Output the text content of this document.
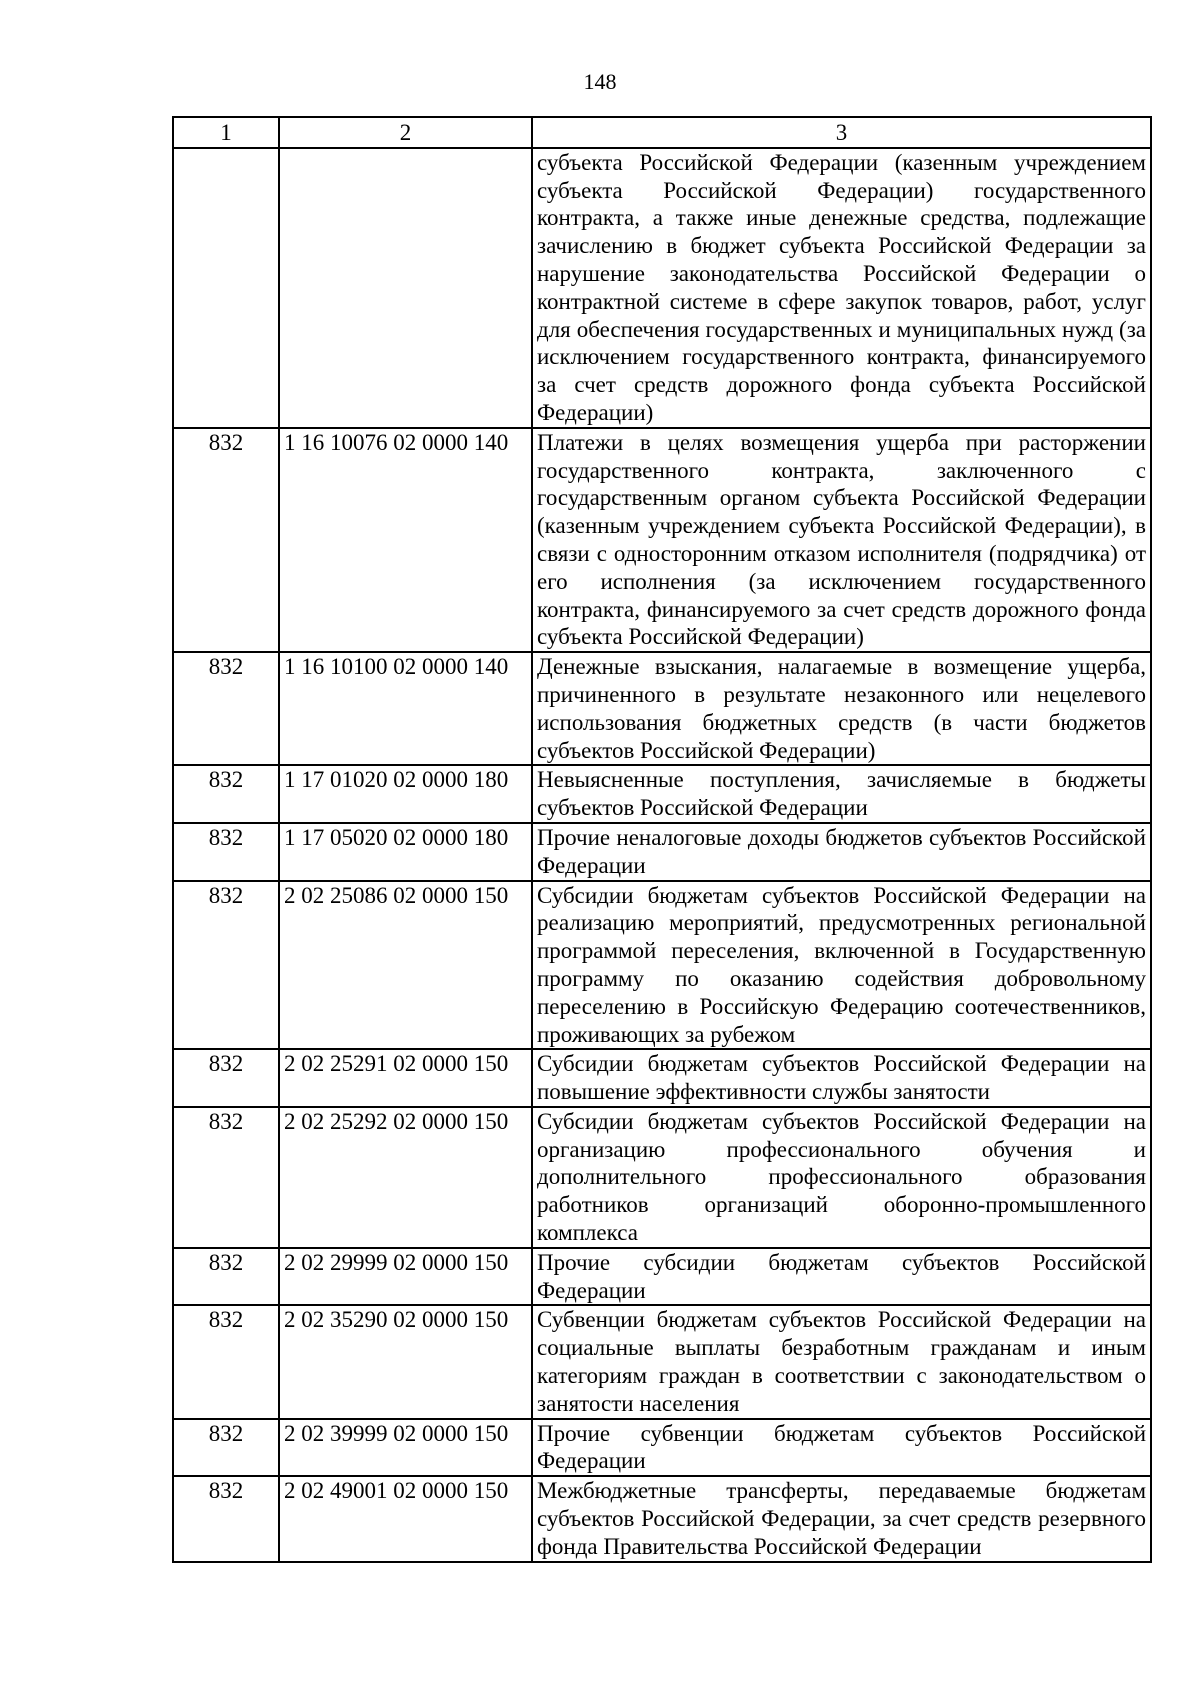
148
1	2	3
		субъекта Российской Федерации (казенным учреждением субъекта Российской Федерации) государственного контракта, а также иные денежные средства, подлежащие зачислению в бюджет субъекта Российской Федерации за нарушение законодательства Российской Федерации о контрактной системе в сфере закупок товаров, работ, услуг для обеспечения государственных и муниципальных нужд (за исключением государственного контракта, финансируемого за счет средств дорожного фонда субъекта Российской Федерации)
832	1 16 10076 02 0000 140	Платежи в целях возмещения ущерба при расторжении государственного контракта, заключенного с государственным органом субъекта Российской Федерации (казенным учреждением субъекта Российской Федерации), в связи с односторонним отказом исполнителя (подрядчика) от его исполнения (за исключением государственного контракта, финансируемого за счет средств дорожного фонда субъекта Российской Федерации)
832	1 16 10100 02 0000 140	Денежные взыскания, налагаемые в возмещение ущерба, причиненного в результате незаконного или нецелевого использования бюджетных средств (в части бюджетов субъектов Российской Федерации)
832	1 17 01020 02 0000 180	Невыясненные поступления, зачисляемые в бюджеты субъектов Российской Федерации
832	1 17 05020 02 0000 180	Прочие неналоговые доходы бюджетов субъектов Российской Федерации
832	2 02 25086 02 0000 150	Субсидии бюджетам субъектов Российской Федерации на реализацию мероприятий, предусмотренных региональной программой переселения, включенной в Государственную программу по оказанию содействия добровольному переселению в Российскую Федерацию соотечественников, проживающих за рубежом
832	2 02 25291 02 0000 150	Субсидии бюджетам субъектов Российской Федерации на повышение эффективности службы занятости
832	2 02 25292 02 0000 150	Субсидии бюджетам субъектов Российской Федерации на организацию профессионального обучения и дополнительного профессионального образования работников организаций оборонно-промышленного комплекса
832	2 02 29999 02 0000 150	Прочие субсидии бюджетам субъектов Российской Федерации
832	2 02 35290 02 0000 150	Субвенции бюджетам субъектов Российской Федерации на социальные выплаты безработным гражданам и иным категориям граждан в соответствии с законодательством о занятости населения
832	2 02 39999 02 0000 150	Прочие субвенции бюджетам субъектов Российской Федерации
832	2 02 49001 02 0000 150	Межбюджетные трансферты, передаваемые бюджетам субъектов Российской Федерации, за счет средств резервного фонда Правительства Российской Федерации
